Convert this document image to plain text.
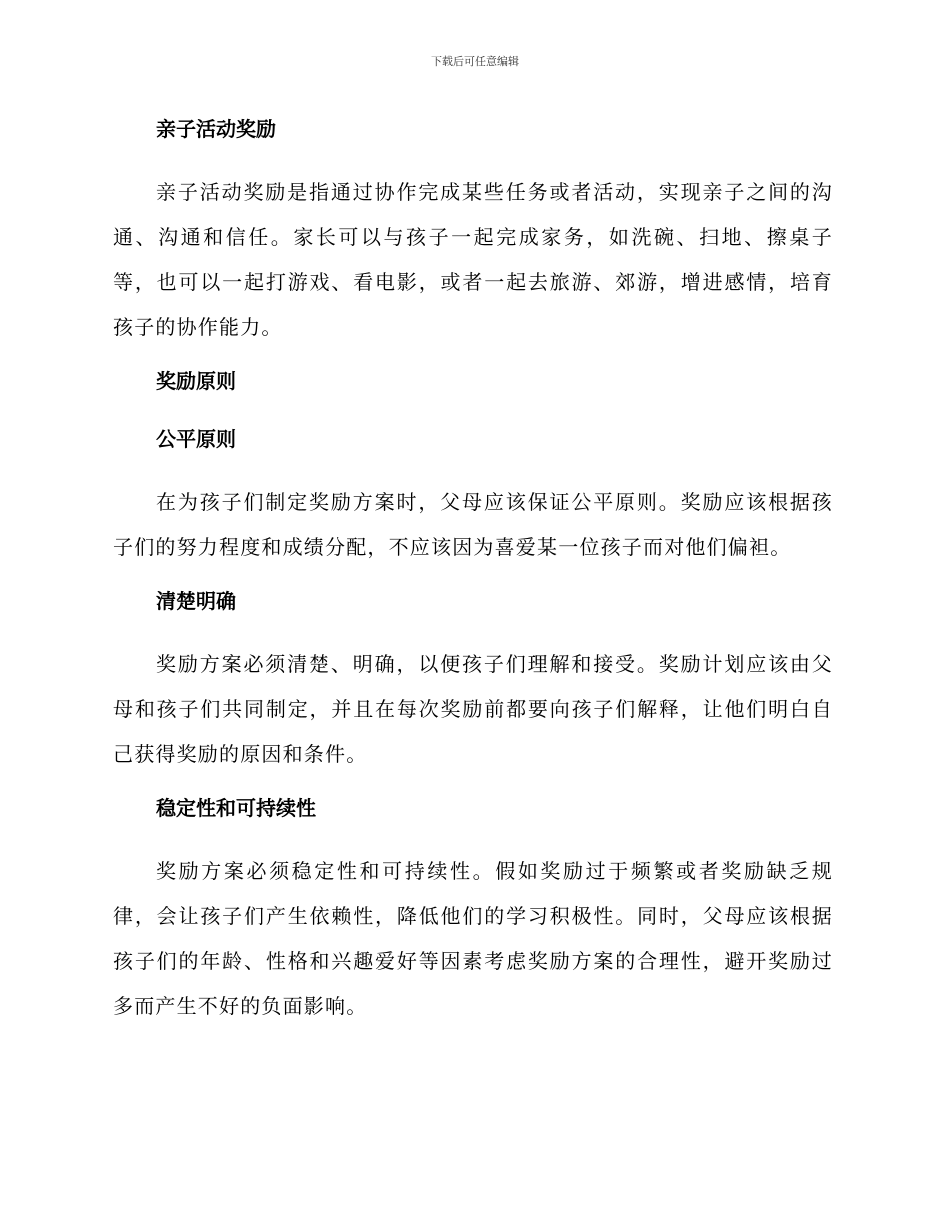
下载后可任意编辑
亲子活动奖励

亲子活动奖励是指通过协作完成某些任务或者活动，实现亲子之间的沟通、沟通和信任。家长可以与孩子一起完成家务，如洗碗、扫地、擦桌子等，也可以一起打游戏、看电影，或者一起去旅游、郊游，增进感情，培育孩子的协作能力。

奖励原则
公平原则

在为孩子们制定奖励方案时，父母应该保证公平原则。奖励应该根据孩子们的努力程度和成绩分配，不应该因为喜爱某一位孩子而对他们偏袒。

清楚明确

奖励方案必须清楚、明确，以便孩子们理解和接受。奖励计划应该由父母和孩子们共同制定，并且在每次奖励前都要向孩子们解释，让他们明白自己获得奖励的原因和条件。

稳定性和可持续性

奖励方案必须稳定性和可持续性。假如奖励过于频繁或者奖励缺乏规律，会让孩子们产生依赖性，降低他们的学习积极性。同时，父母应该根据孩子们的年龄、性格和兴趣爱好等因素考虑奖励方案的合理性，避开奖励过多而产生不好的负面影响。
